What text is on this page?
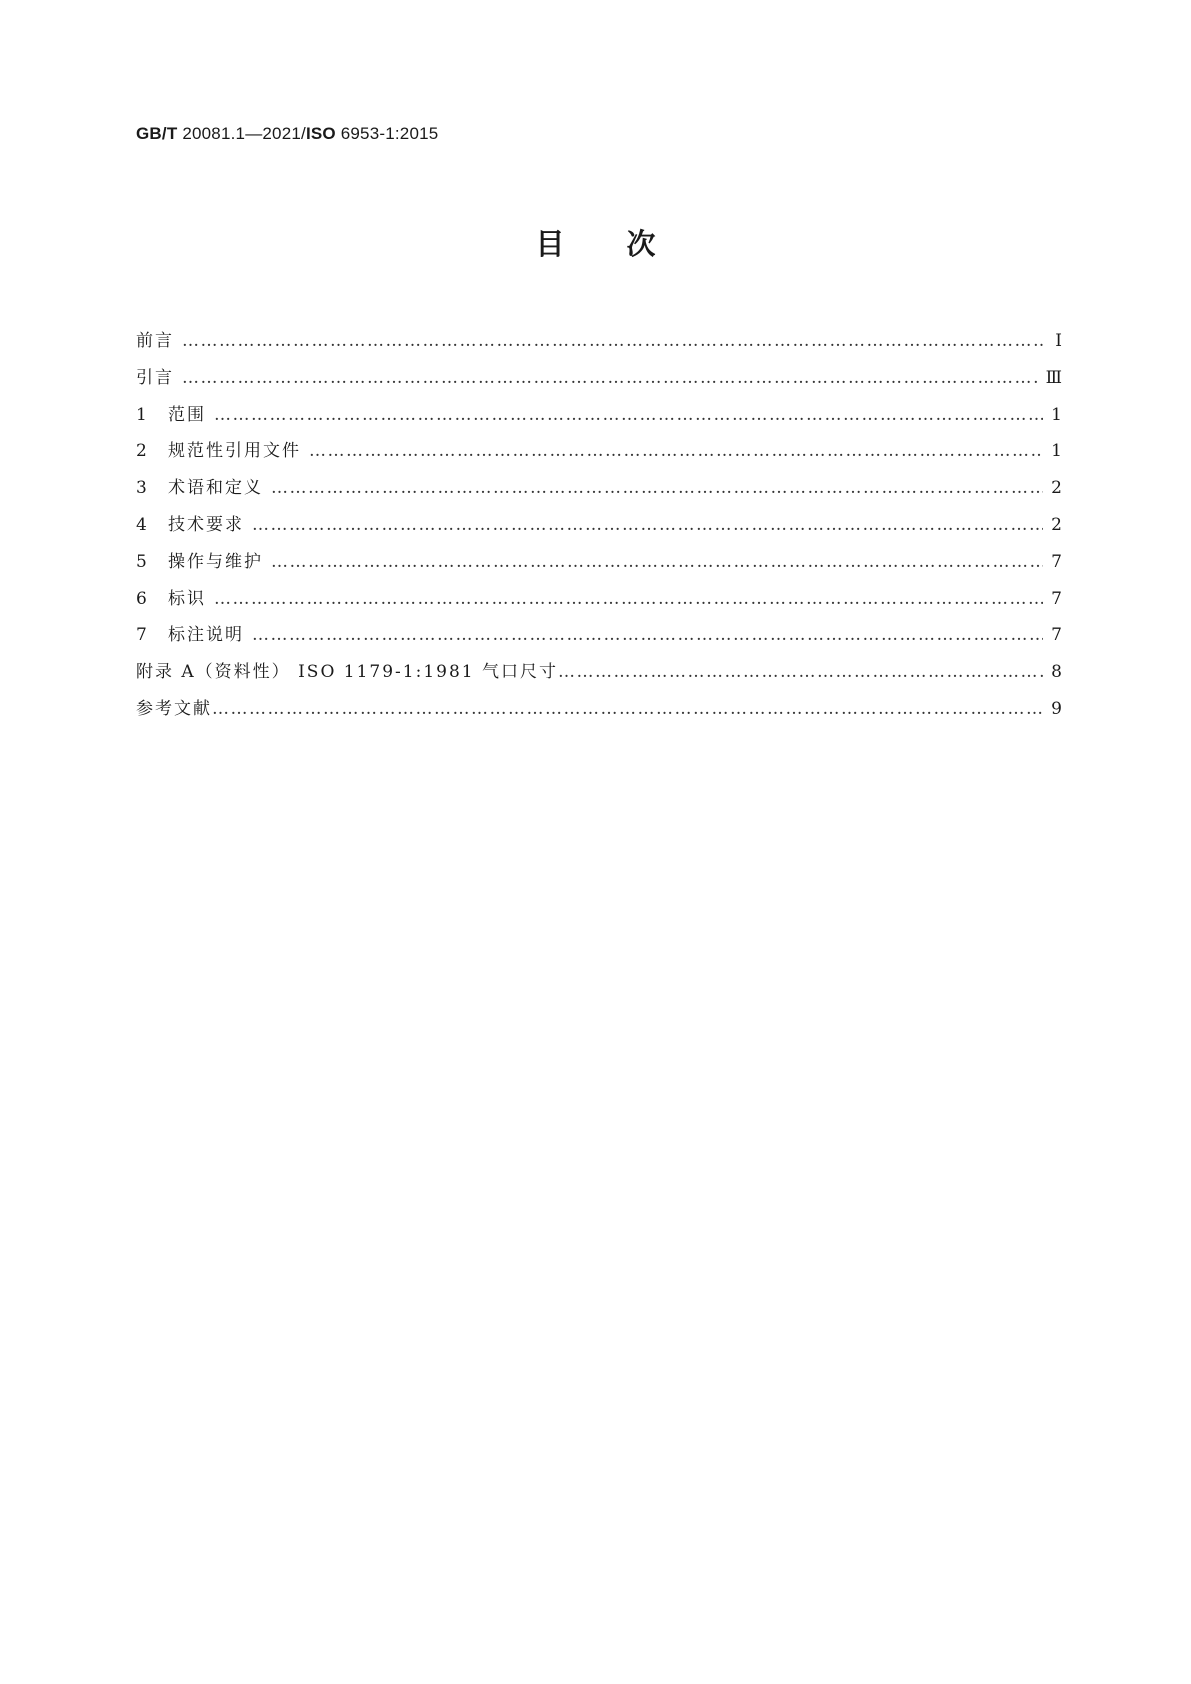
GB/T 20081.1—2021/ISO 6953-1:2015
目次
前言 ……………………………………………………………………………………………………………………………………………………………………………………………………………………………………………	Ⅰ
引言 ……………………………………………………………………………………………………………………………………………………………………………………………………………………………………………	Ⅲ
1	范围 ……………………………………………………………………………………………………………………………………………………………………………………………………………………………………………	1
2	规范性引用文件 ……………………………………………………………………………………………………………………………………………………………………………………………………………………………………………	1
3	术语和定义 ……………………………………………………………………………………………………………………………………………………………………………………………………………………………………………	2
4	技术要求 ……………………………………………………………………………………………………………………………………………………………………………………………………………………………………………	2
5	操作与维护 ……………………………………………………………………………………………………………………………………………………………………………………………………………………………………………	7
6	标识 ……………………………………………………………………………………………………………………………………………………………………………………………………………………………………………	7
7	标注说明 ……………………………………………………………………………………………………………………………………………………………………………………………………………………………………………	7
附录 A（资料性） ISO 1179-1:1981 气口尺寸 ……………………………………………………………………………………………………………………………………………………………………………………………………………………………………………	8
参考文献 ……………………………………………………………………………………………………………………………………………………………………………………………………………………………………………	9
